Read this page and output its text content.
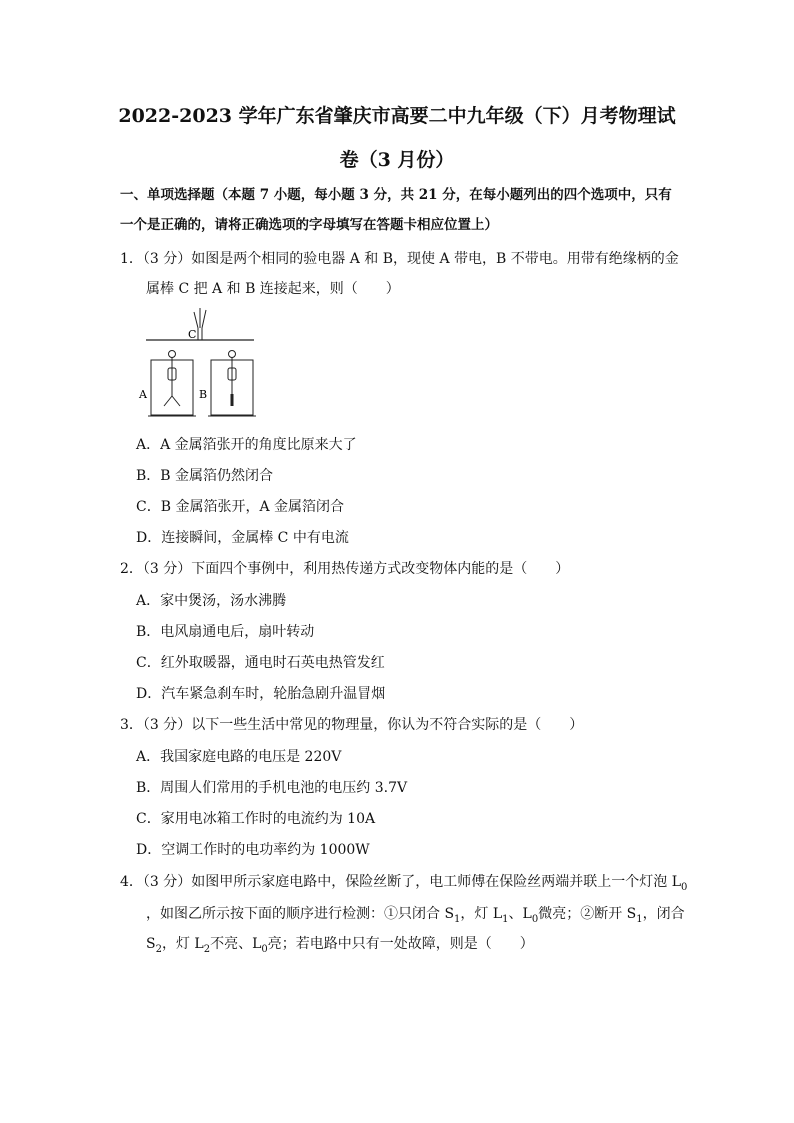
2022-2023 学年广东省肇庆市高要二中九年级（下）月考物理试
卷（3 月份）
一、单项选择题（本题 7 小题，每小题 3 分，共 21 分，在每小题列出的四个选项中，只有
一个是正确的，请将正确选项的字母填写在答题卡相应位置上）
1．（3 分）如图是两个相同的验电器 A 和 B，现使 A 带电，B 不带电。用带有绝缘柄的金
属棒 C 把 A 和 B 连接起来，则（　　）
C
A	B
A．A 金属箔张开的角度比原来大了
B．B 金属箔仍然闭合
C．B 金属箔张开，A 金属箔闭合
D．连接瞬间，金属棒 C 中有电流
2．（3 分）下面四个事例中，利用热传递方式改变物体内能的是（　　）
A．家中煲汤，汤水沸腾
B．电风扇通电后，扇叶转动
C．红外取暖器，通电时石英电热管发红
D．汽车紧急刹车时，轮胎急剧升温冒烟
3．（3 分）以下一些生活中常见的物理量，你认为不符合实际的是（　　）
A．我国家庭电路的电压是 220V
B．周围人们常用的手机电池的电压约 3.7V
C．家用电冰箱工作时的电流约为 10A
D．空调工作时的电功率约为 1000W
4．（3 分）如图甲所示家庭电路中，保险丝断了，电工师傅在保险丝两端并联上一个灯泡 $L_0$
，如图乙所示按下面的顺序进行检测：①只闭合 $S_1$，灯 $L_1$、$L_0$微亮；②断开 $S_1$，闭合
$S_2$，灯 $L_2$不亮、$L_0$亮；若电路中只有一处故障，则是（　　）
